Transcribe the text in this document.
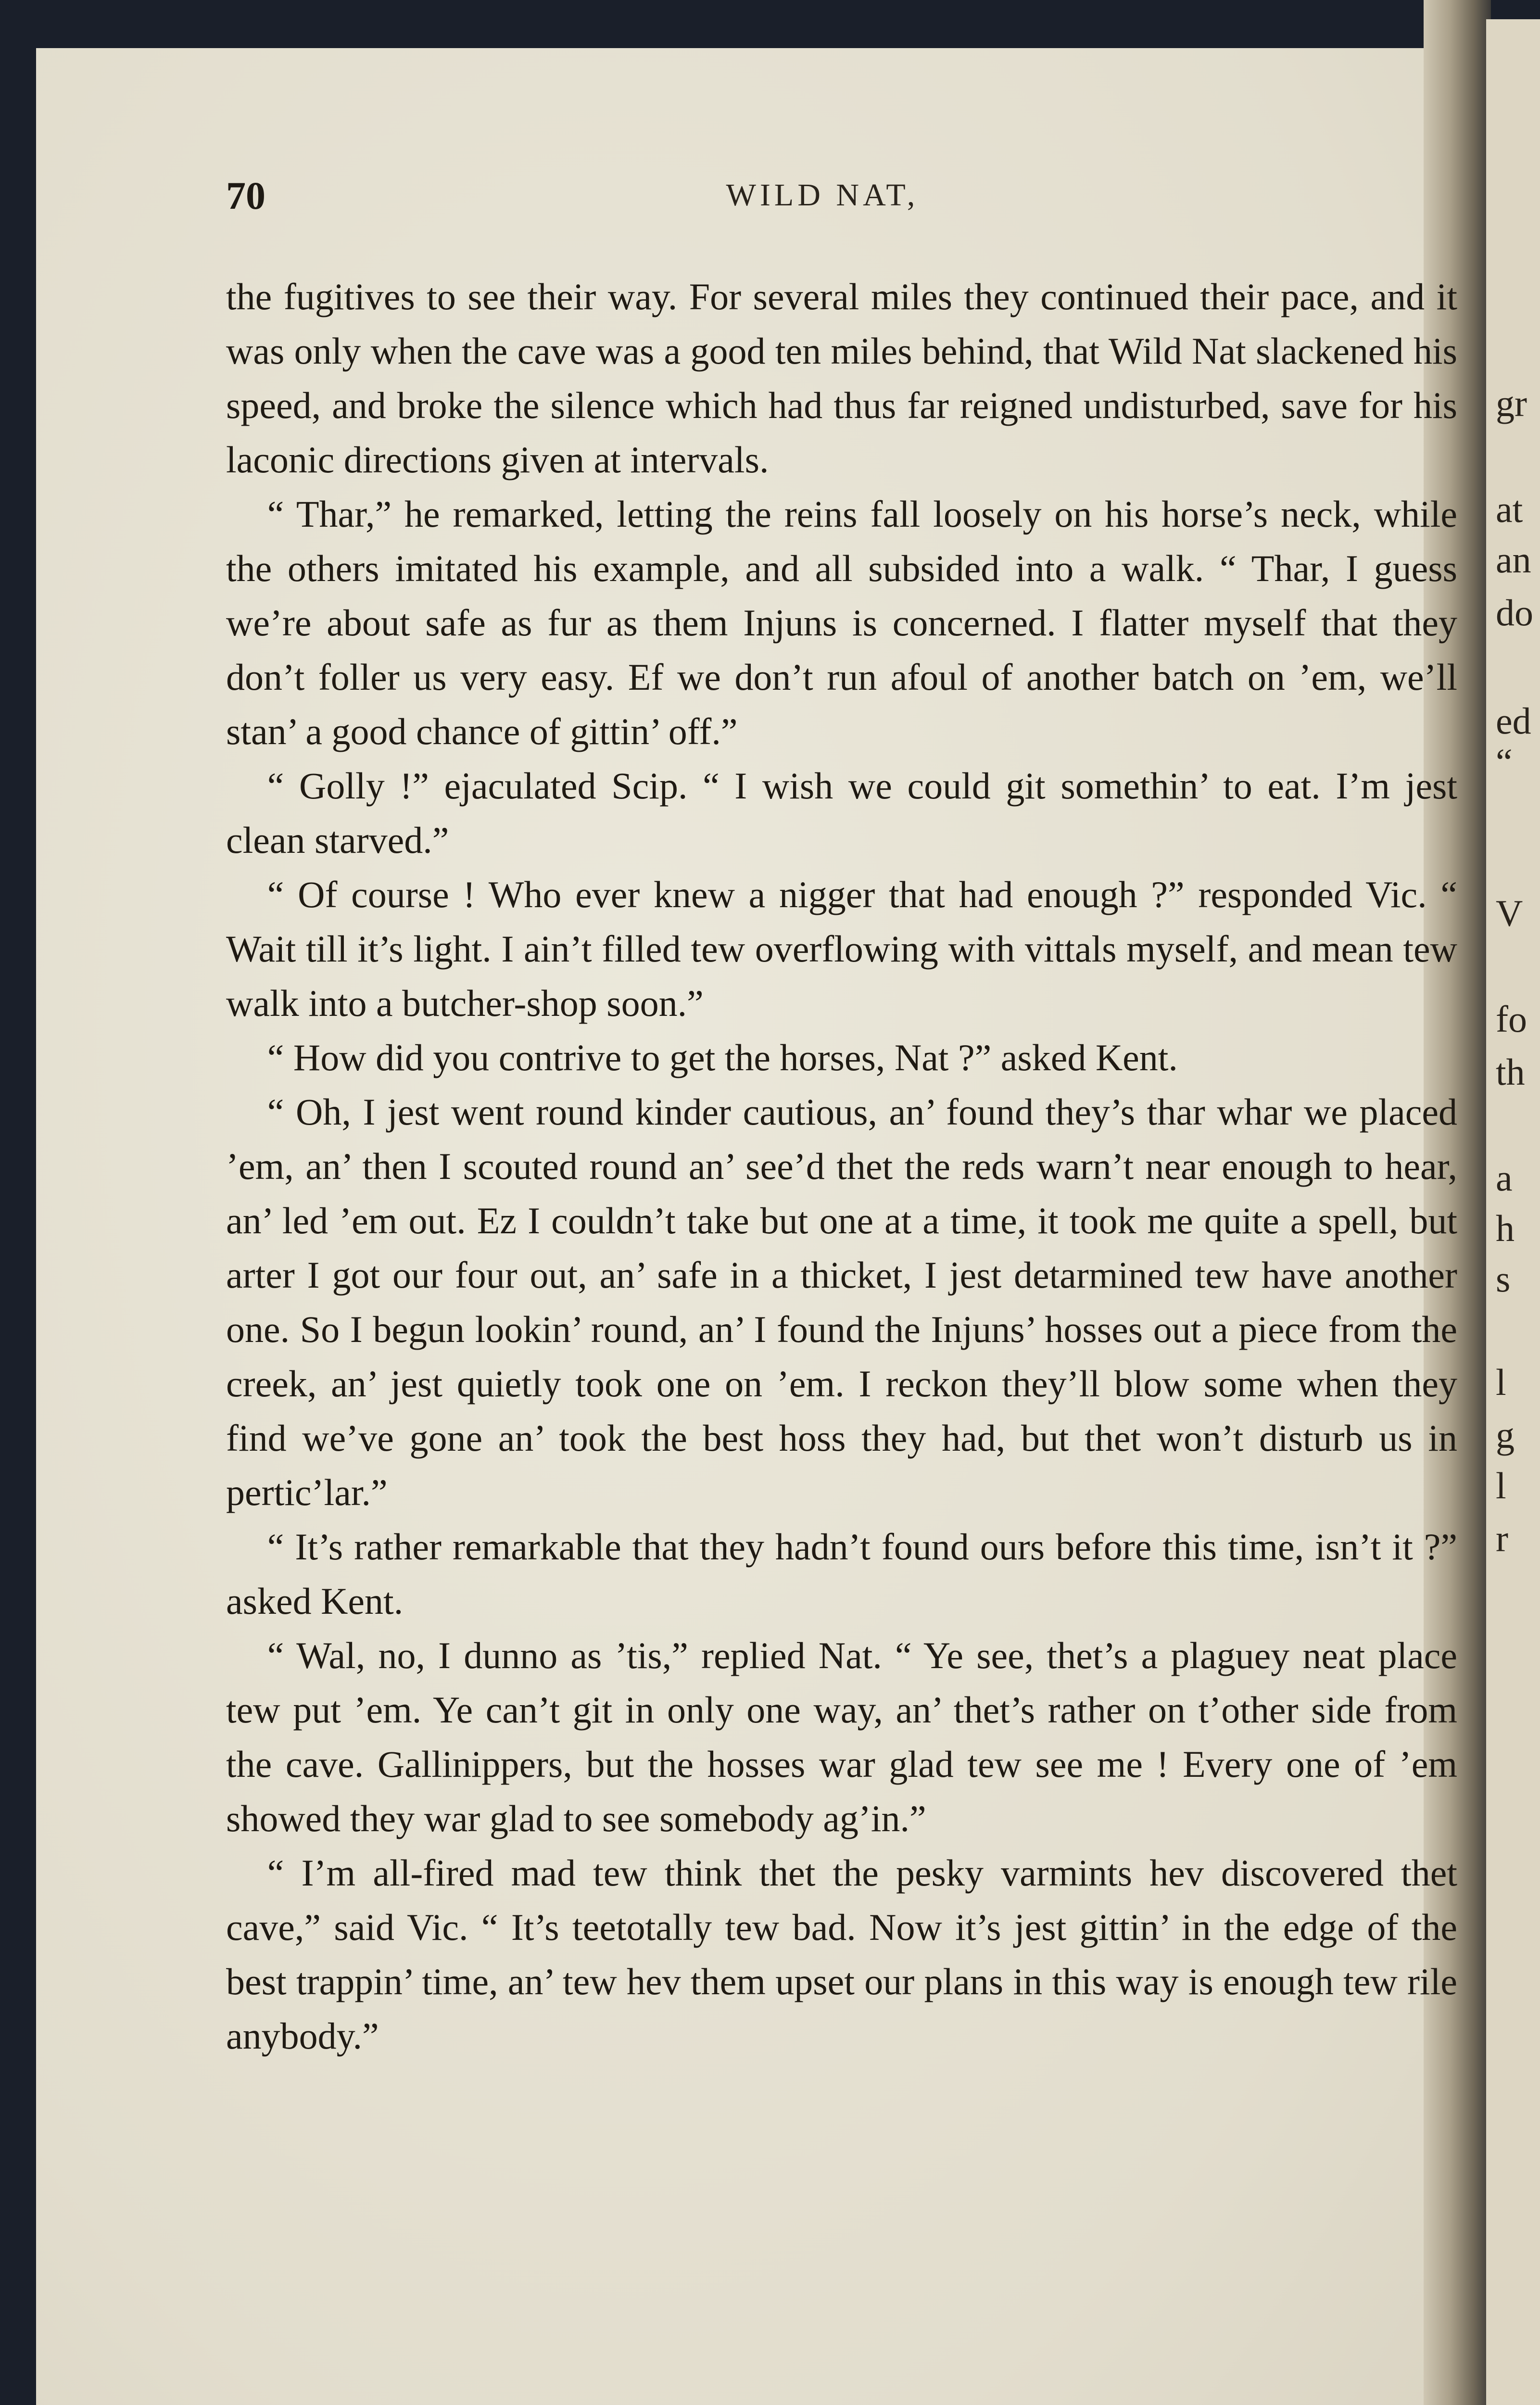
gr
at
an
do
ed
“
V
fo
th
a
h
s
l
g
l
r
70	WILD NAT,

the fugitives to see their way. For several miles they continued their pace, and it was only when the cave was a good ten miles behind, that Wild Nat slackened his speed, and broke the silence which had thus far reigned undisturbed, save for his laconic directions given at intervals.

“ Thar,” he remarked, letting the reins fall loosely on his horse’s neck, while the others imitated his example, and all subsided into a walk. “ Thar, I guess we’re about safe as fur as them Injuns is concerned. I flatter myself that they don’t foller us very easy. Ef we don’t run afoul of another batch on ’em, we’ll stan’ a good chance of gittin’ off.”

“ Golly !” ejaculated Scip. “ I wish we could git somethin’ to eat. I’m jest clean starved.”

“ Of course ! Who ever knew a nigger that had enough ?” responded Vic. “ Wait till it’s light. I ain’t filled tew overflowing with vittals myself, and mean tew walk into a butcher-shop soon.”

“ How did you contrive to get the horses, Nat ?” asked Kent.

“ Oh, I jest went round kinder cautious, an’ found they’s thar whar we placed ’em, an’ then I scouted round an’ see’d thet the reds warn’t near enough to hear, an’ led ’em out. Ez I couldn’t take but one at a time, it took me quite a spell, but arter I got our four out, an’ safe in a thicket, I jest detarmined tew have another one. So I begun lookin’ round, an’ I found the Injuns’ hosses out a piece from the creek, an’ jest quietly took one on ’em. I reckon they’ll blow some when they find we’ve gone an’ took the best hoss they had, but thet won’t disturb us in pertic’lar.”

“ It’s rather remarkable that they hadn’t found ours before this time, isn’t it ?” asked Kent.

“ Wal, no, I dunno as ’tis,” replied Nat. “ Ye see, thet’s a plaguey neat place tew put ’em. Ye can’t git in only one way, an’ thet’s rather on t’other side from the cave. Gallinippers, but the hosses war glad tew see me ! Every one of ’em showed they war glad to see somebody ag’in.”

“ I’m all-fired mad tew think thet the pesky varmints hev discovered thet cave,” said Vic. “ It’s teetotally tew bad. Now it’s jest gittin’ in the edge of the best trappin’ time, an’ tew hev them upset our plans in this way is enough tew rile anybody.”
